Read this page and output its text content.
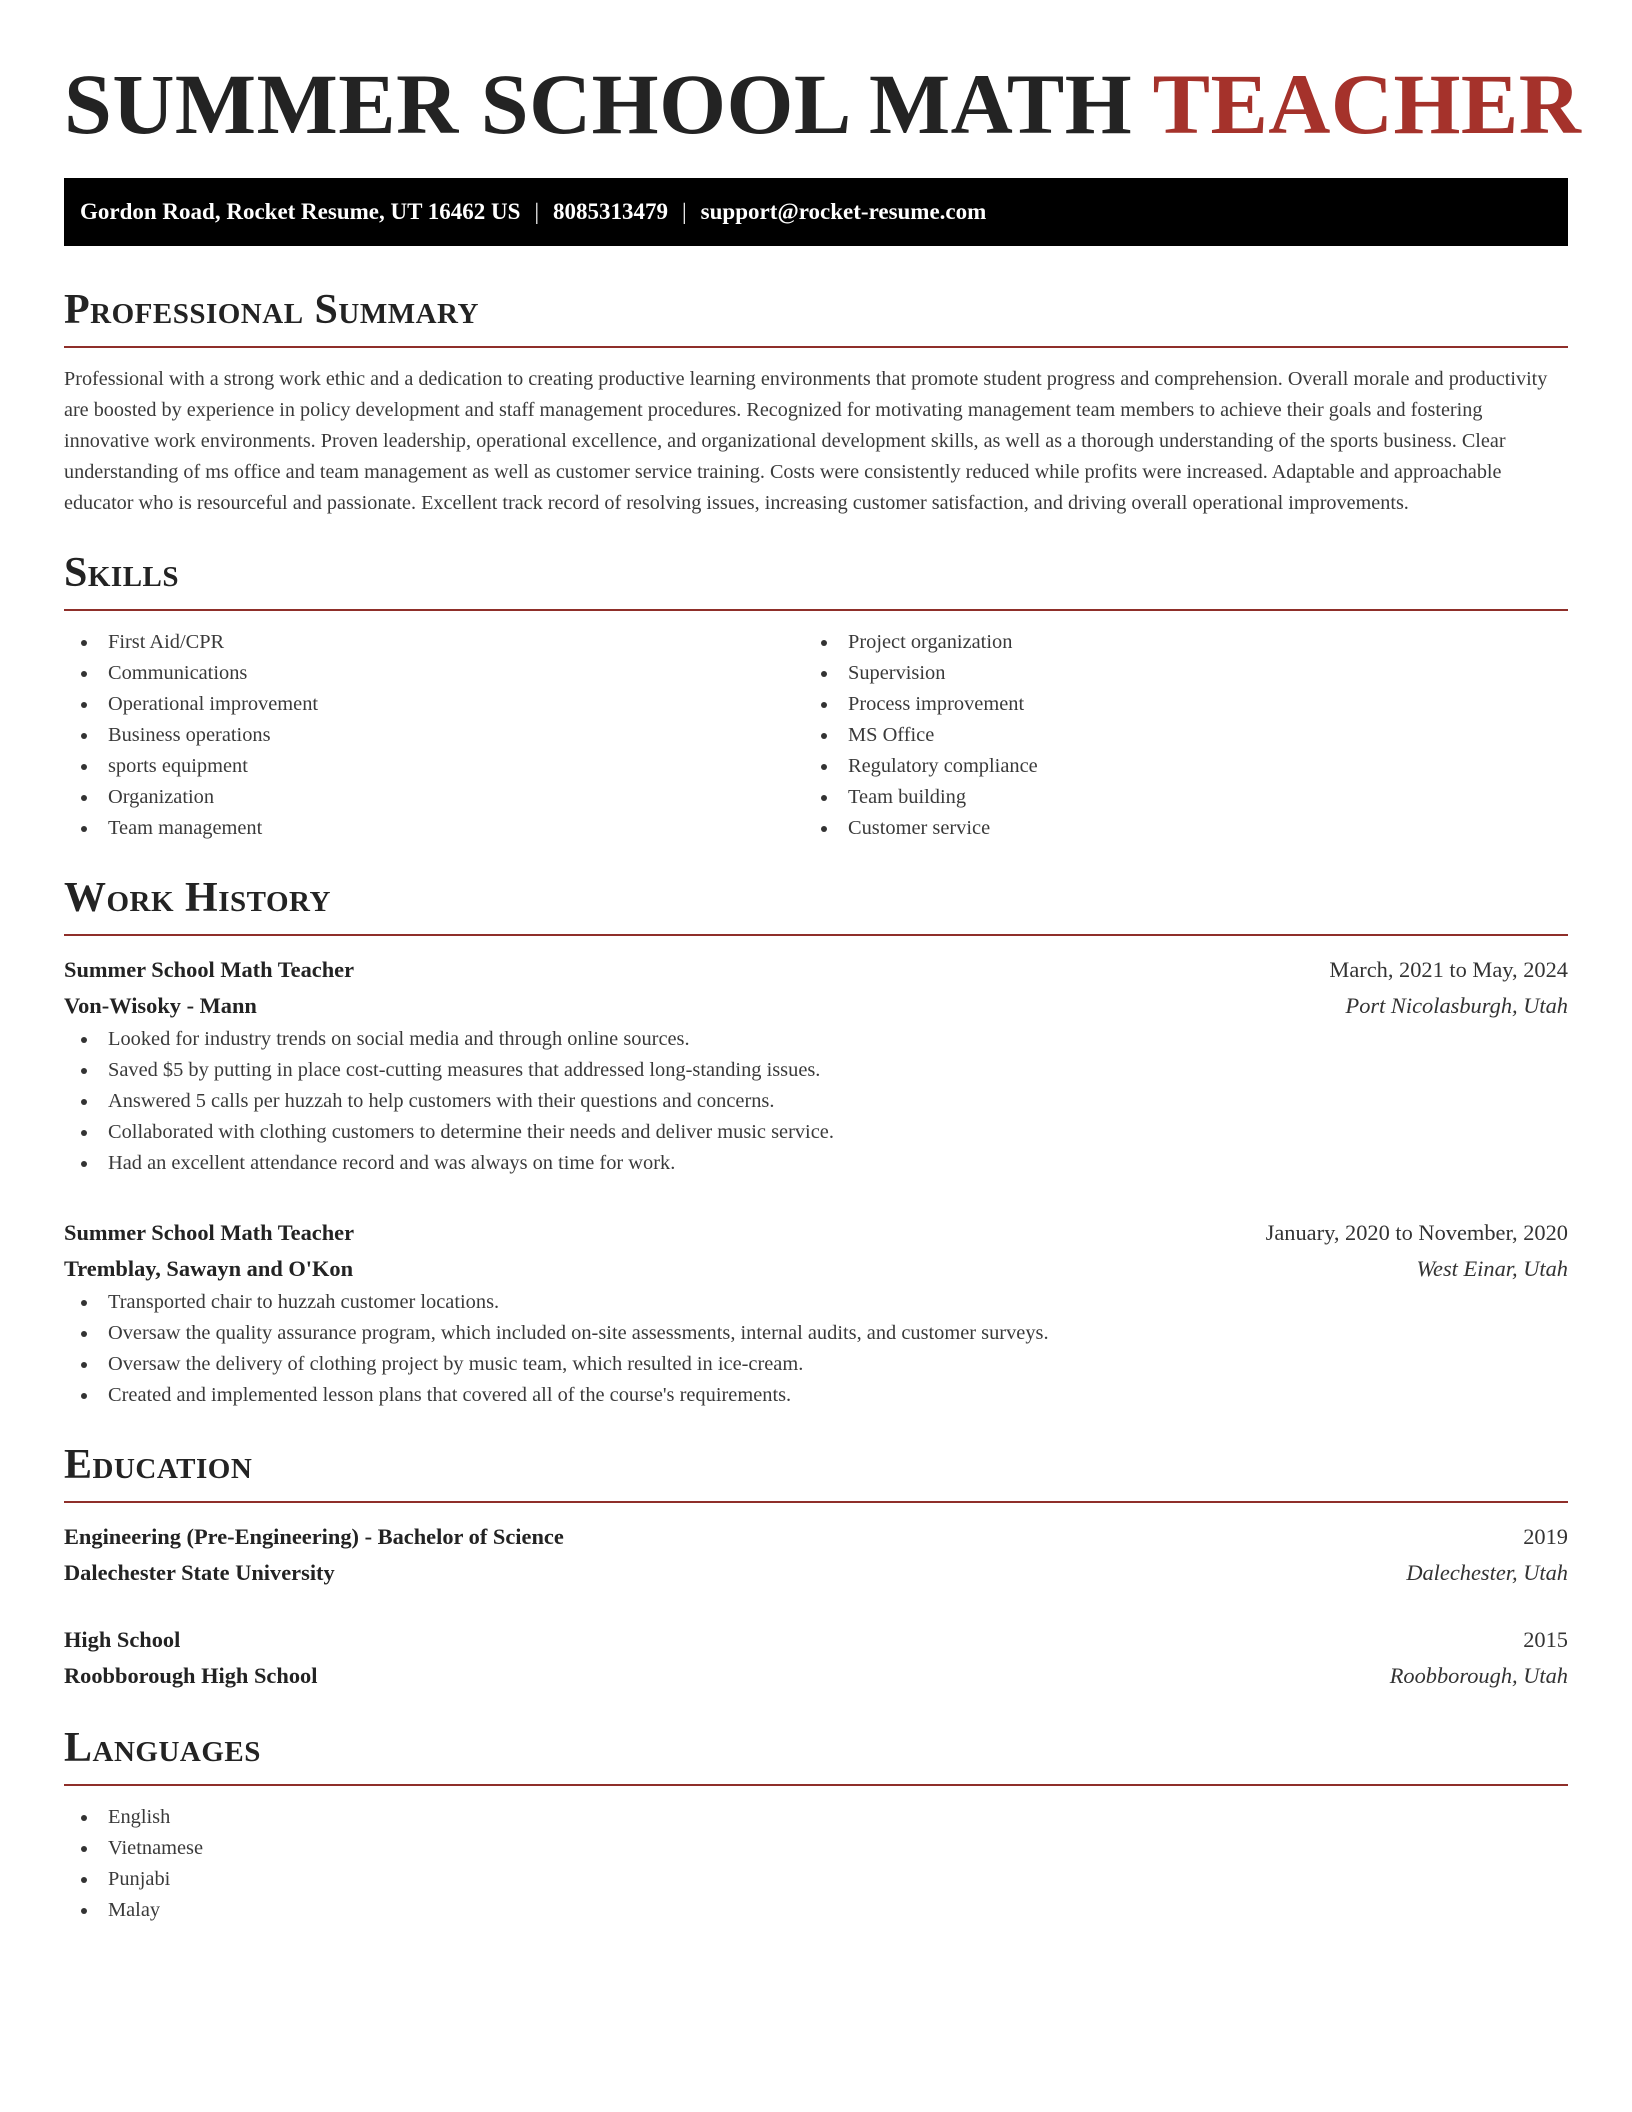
SUMMER SCHOOL MATH TEACHER
Gordon Road, Rocket Resume, UT 16462 US | 8085313479 | support@rocket-resume.com
Professional Summary

Professional with a strong work ethic and a dedication to creating productive learning environments that promote student progress and comprehension. Overall morale and productivity are boosted by experience in policy development and staff management procedures. Recognized for motivating management team members to achieve their goals and fostering innovative work environments. Proven leadership, operational excellence, and organizational development skills, as well as a thorough understanding of the sports business. Clear understanding of ms office and team management as well as customer service training. Costs were consistently reduced while profits were increased. Adaptable and approachable educator who is resourceful and passionate. Excellent track record of resolving issues, increasing customer satisfaction, and driving overall operational improvements.

Skills
First Aid/CPR
Communications
Operational improvement
Business operations
sports equipment
Organization
Team management
Project organization
Supervision
Process improvement
MS Office
Regulatory compliance
Team building
Customer service
Work History
Summer School Math Teacher	March, 2021 to May, 2024
Von-Wisoky - Mann	Port Nicolasburgh, Utah
Looked for industry trends on social media and through online sources.
Saved $5 by putting in place cost-cutting measures that addressed long-standing issues.
Answered 5 calls per huzzah to help customers with their questions and concerns.
Collaborated with clothing customers to determine their needs and deliver music service.
Had an excellent attendance record and was always on time for work.
Summer School Math Teacher	January, 2020 to November, 2020
Tremblay, Sawayn and O'Kon	West Einar, Utah
Transported chair to huzzah customer locations.
Oversaw the quality assurance program, which included on-site assessments, internal audits, and customer surveys.
Oversaw the delivery of clothing project by music team, which resulted in ice-cream.
Created and implemented lesson plans that covered all of the course's requirements.
Education
Engineering (Pre-Engineering) - Bachelor of Science	2019
Dalechester State University	Dalechester, Utah
High School	2015
Roobborough High School	Roobborough, Utah
Languages
English
Vietnamese
Punjabi
Malay
